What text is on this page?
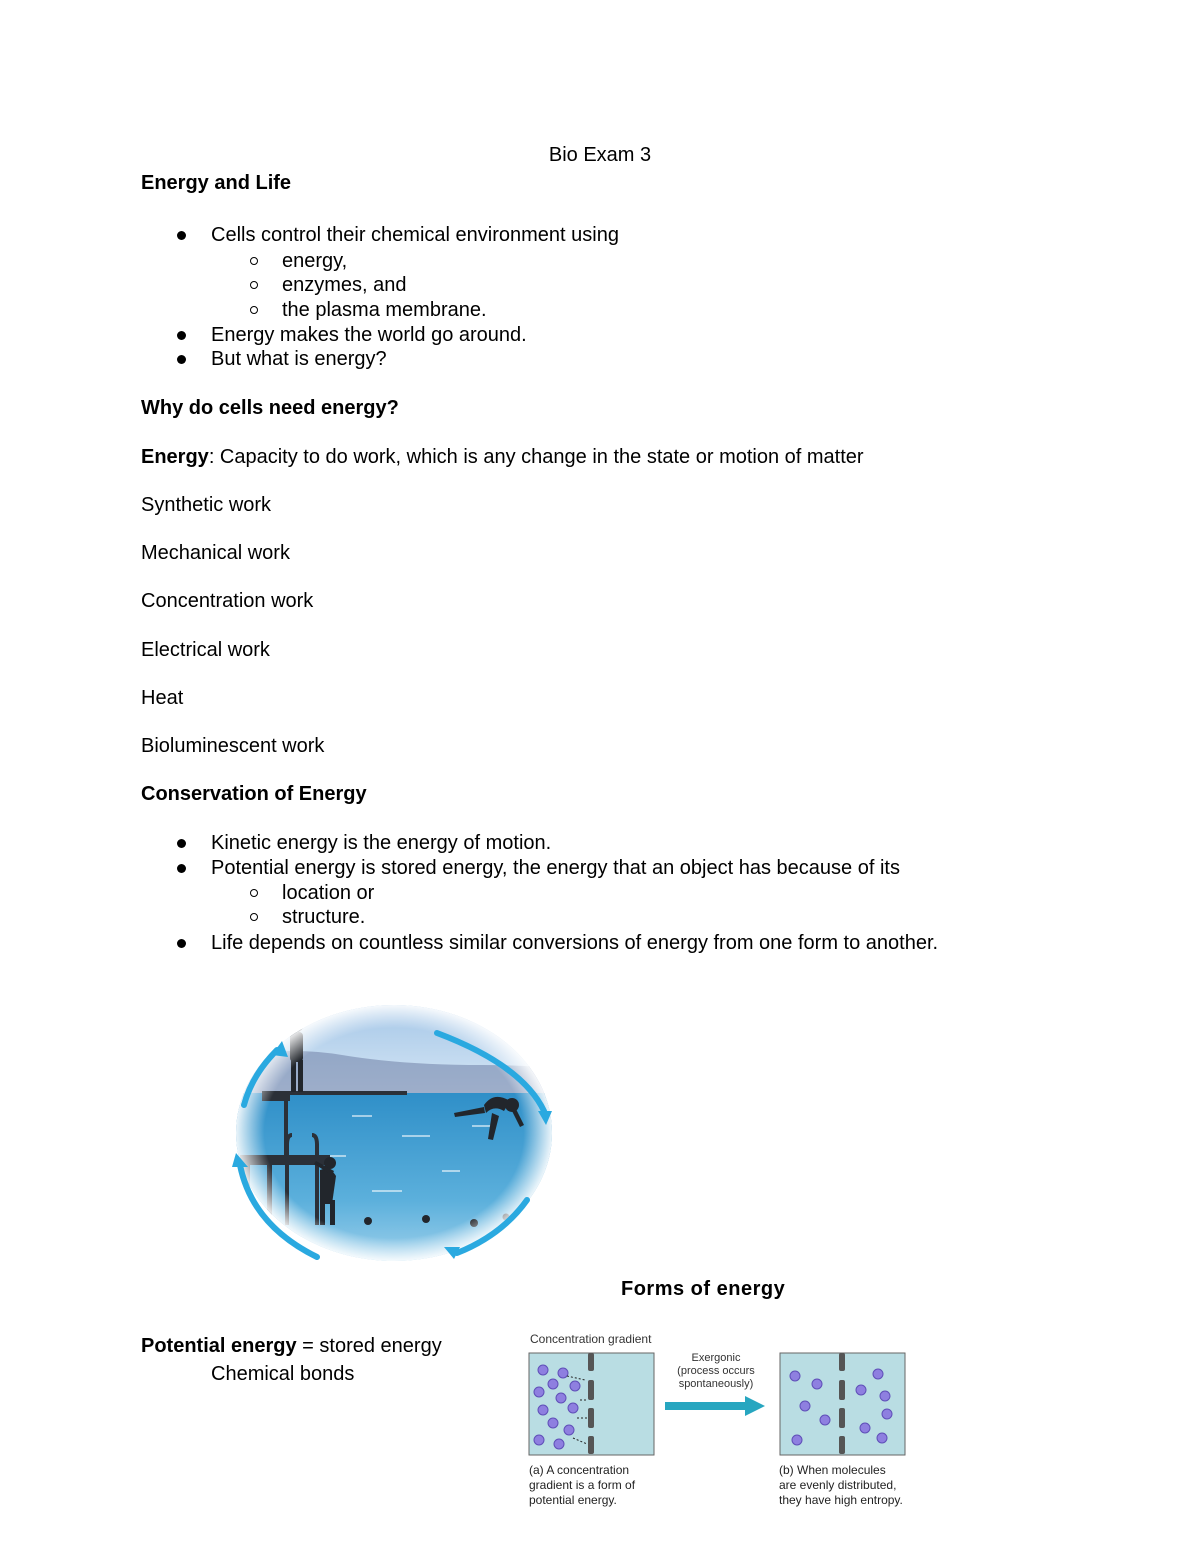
Bio Exam 3

Energy and Life

Cells control their chemical environment using

energy,

enzymes, and

the plasma membrane.

Energy makes the world go around.

But what is energy?

Why do cells need energy?

Energy: Capacity to do work, which is any change in the state or motion of matter

Synthetic work

Mechanical work

Concentration work

Electrical work

Heat

Bioluminescent work

Conservation of Energy

Kinetic energy is the energy of motion.

Potential energy is stored energy, the energy that an object has because of its

location or

structure.

Life depends on countless similar conversions of energy from one form to another.

Forms of energy

Potential energy = stored energy

Chemical bonds

Concentration gradient
Exergonic
(process occurs
spontaneously)
(a) A concentration
gradient is a form of
potential energy.
(b) When molecules
are evenly distributed,
they have high entropy.
